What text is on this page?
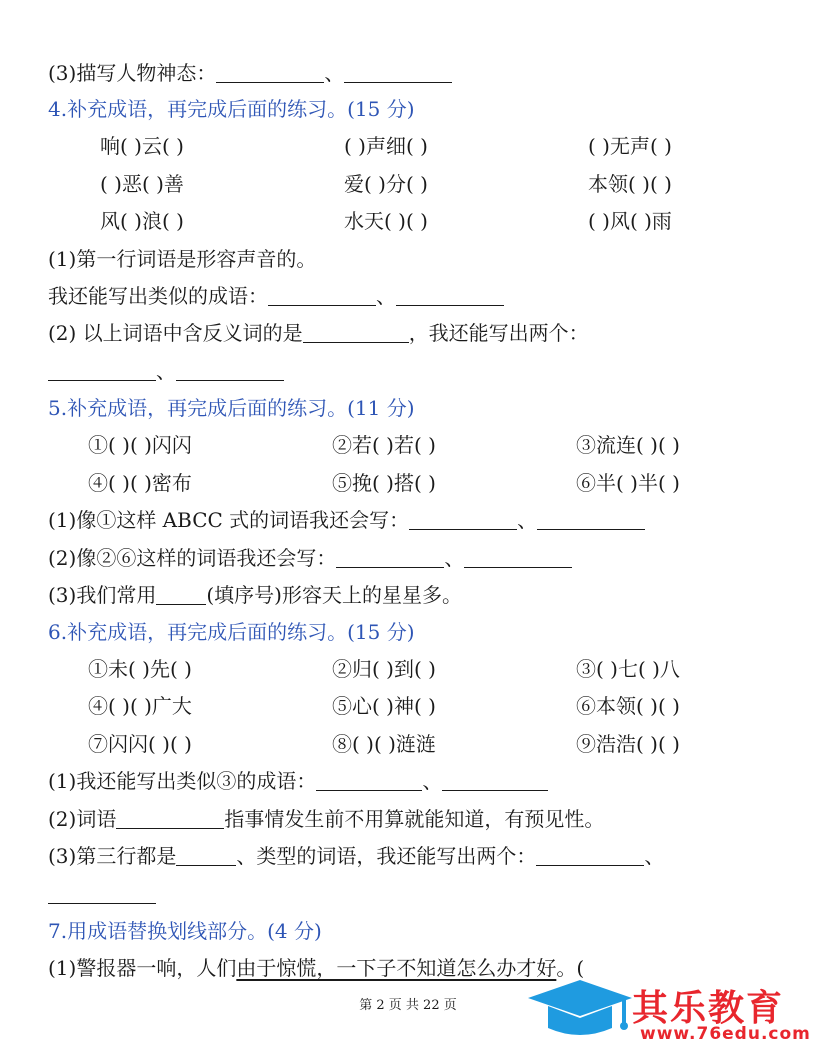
(3)描写人物神态：	、
4.补充成语，再完成后面的练习。(15 分)
响( )云( )	( )声细( )	( )无声( )
( )恶( )善	爱( )分( )	本领( )( )
风( )浪( )	水天( )( )	( )风( )雨
(1)第一行词语是形容声音的。
我还能写出类似的成语：	、
(2) 以上词语中含反义词的是	，我还能写出两个：
、
5.补充成语，再完成后面的练习。(11 分)
①( )( )闪闪	②若( )若( )	③流连( )( )
④( )( )密布	⑤挽( )搭( )	⑥半( )半( )
(1)像①这样 ABCC 式的词语我还会写：	、
(2)像②⑥这样的词语我还会写：	、
(3)我们常用	(填序号)形容天上的星星多。
6.补充成语，再完成后面的练习。(15 分)
①未( )先( )	②归( )到( )	③( )七( )八
④( )( )广大	⑤心( )神( )	⑥本领( )( )
⑦闪闪( )( )	⑧( )( )涟涟	⑨浩浩( )( )
(1)我还能写出类似③的成语：	、
(2)词语	指事情发生前不用算就能知道，有预见性。
(3)第三行都是	、类型的词语，我还能写出两个：	、
7.用成语替换划线部分。(4 分)
(1)警报器一响，人们由于惊慌，一下子不知道怎么办才好。(
第 2 页 共 22 页	其乐教育
www.76edu.com
